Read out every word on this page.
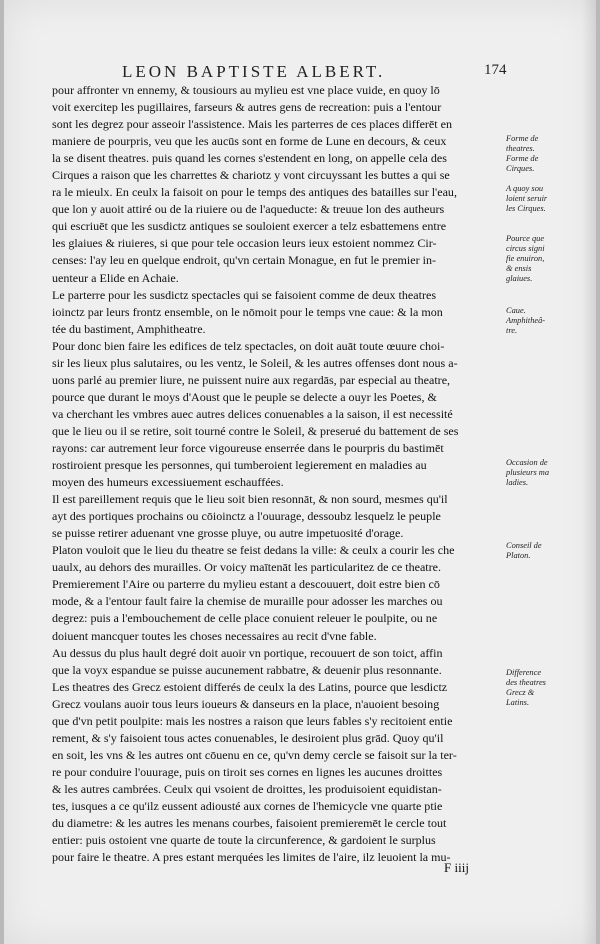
LEON BAPTISTE ALBERT.	174
pour affronter vn ennemy, & tousiours au mylieu est vne place vuide, en quoy lō
voit exercitер les pugillaires, farseurs & autres gens de recreation: puis a l'entour
sont les degrez pour asseoir l'assistence. Mais les parterres de ces places differēt en
maniere de pourpris, veu que les aucūs sont en forme de Lune en decours, & ceux
la se disent theatres. puis quand les cornes s'estendent en long, on appelle cela des
Cirques a raison que les charrettes & chariotz y vont circuyssant les buttes a qui se
ra le mieulx. En ceulx la faisoit on pour le temps des antiques des batailles sur l'eau,
que lon y auoit attiré ou de la riuiere ou de l'aqueducte: & treuue lon des autheurs
qui escriuēt que les susdictz antiques se souloient exercer a telz esbattemens entre
les glaiues & riuieres, si que pour tele occasion leurs ieux estoient nommez Cir-
censes: l'ay leu en quelque endroit, qu'vn certain Monague, en fut le premier in-
uenteur a Elide en Achaie.
Le parterre pour les susdictz spectacles qui se faisoient comme de deux theatres
ioinctz par leurs frontz ensemble, on le nōmoit pour le temps vne caue: & la mon
tée du bastiment, Amphitheatre.
Pour donc bien faire les edifices de telz spectacles, on doit auāt toute œuure choi-
sir les lieux plus salutaires, ou les ventz, le Soleil, & les autres offenses dont nous a-
uons parlé au premier liure, ne puissent nuire aux regardās, par especial au theatre,
pource que durant le moys d'Aoust que le peuple se delecte a ouyr les Poetes, &
va cherchant les vmbres auec autres delices conuenables a la saison, il est necessité
que le lieu ou il se retire, soit tourné contre le Soleil, & preserué du battement de ses
rayons: car autrement leur force vigoureuse enserrée dans le pourpris du bastimēt
rostiroient presque les personnes, qui tumberoient legierement en maladies au
moyen des humeurs excessiuement eschauffées.
Il est pareillement requis que le lieu soit bien resonnāt, & non sourd, mesmes qu'il
ayt des portiques prochains ou cōioinctz a l'ouurage, dessoubz lesquelz le peuple
se puisse retirer aduenant vne grosse pluye, ou autre impetuosité d'orage.
Platon vouloit que le lieu du theatre se feist dedans la ville: & ceulx a courir les che
uaulx, au dehors des murailles. Or voicy maītenāt les particularitez de ce theatre.
Premierement l'Aire ou parterre du mylieu estant a descouuert, doit estre bien cō
mode, & a l'entour fault faire la chemise de muraille pour adosser les marches ou
degrez: puis a l'embouchement de celle place conuient releuer le poulpite, ou ne
doiuent mancquer toutes les choses necessaires au recit d'vne fable.
Au dessus du plus hault degré doit auoir vn portique, recouuert de son toict, affin
que la voyx espandue se puisse aucunement rabbatre, & deuenir plus resonnante.
Les theatres des Grecz estoient differés de ceulx la des Latins, pource que lesdictz
Grecz voulans auoir tous leurs ioueurs & danseurs en la place, n'auoient besoing
que d'vn petit poulpite: mais les nostres a raison que leurs fables s'y recitoient entie
rement, & s'y faisoient tous actes conuenables, le desiroient plus grād. Quoy qu'il
en soit, les vns & les autres ont cōuenu en ce, qu'vn demy cercle se faisoit sur la ter-
re pour conduire l'ouurage, puis on tiroit ses cornes en lignes les aucunes droittes
& les autres cambrées. Ceulx qui vsoient de droittes, les produisoient equidistan-
tes, iusques a ce qu'ilz eussent adiousté aux cornes de l'hemicycle vne quarte ptie
du diametre: & les autres les menans courbes, faisoient premieremēt le cercle tout
entier: puis ostoient vne quarte de toute la circunference, & gardoient le surplus
pour faire le theatre. A pres estant merquées les limites de l'aire, ilz leuoient la mu-
Forme de
theatres.
Forme de
Cirques.
A quoy sou
loient seruir
les Cirques.
Pource que
circus signi
fie enuiron,
& ensis
glaiues.
Caue.
Amphitheâ-
tre.
Occasion de
plusieurs ma
ladies.
Conseil de
Platon.
Difference
des theatres
Grecz &
Latins.
F iiij
